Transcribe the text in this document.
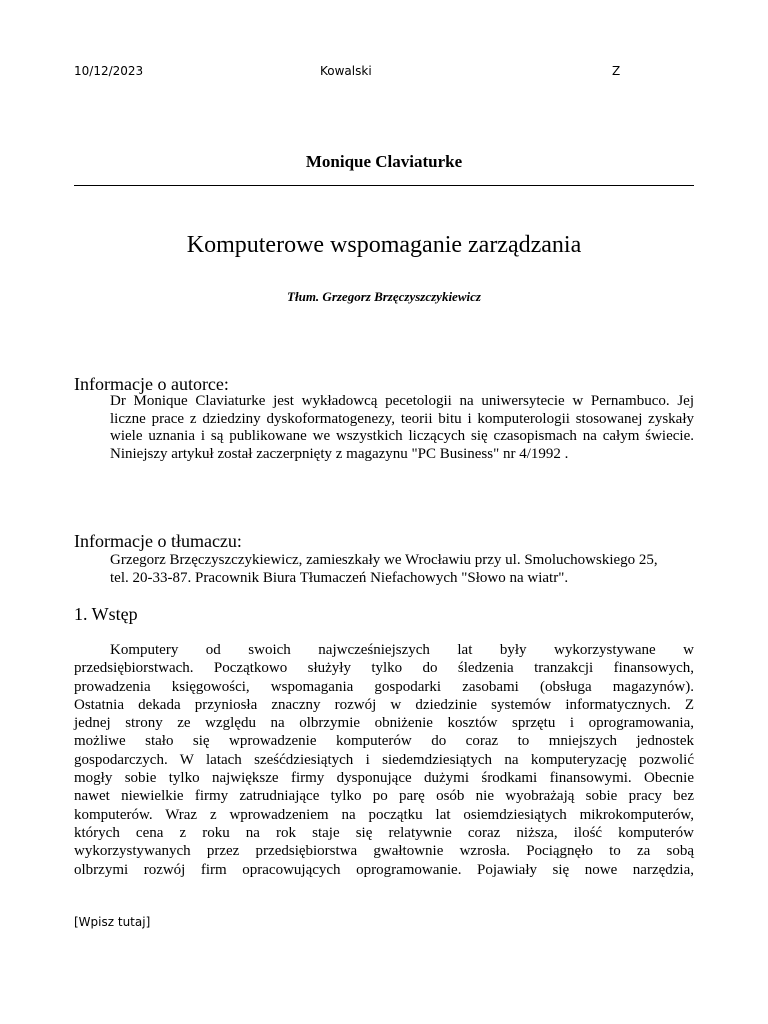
10/12/2023	Kowalski	Z
Monique Claviaturke
Komputerowe wspomaganie zarządzania
Tłum. Grzegorz Brzęczyszczykiewicz
Informacje o autorce:
Dr Monique Claviaturke jest wykładowcą pecetologii na uniwersytecie w Pernambuco. Jej
liczne prace z dziedziny dyskoformatogenezy, teorii bitu i komputerologii stosowanej zyskały
wiele uznania i są publikowane we wszystkich liczących się czasopismach na całym świecie.
Niniejszy artykuł został zaczerpnięty z magazynu "PC Business" nr 4/1992 .
Informacje o tłumaczu:
Grzegorz Brzęczyszczykiewicz, zamieszkały we Wrocławiu przy ul. Smoluchowskiego 25,
tel. 20-33-87. Pracownik Biura Tłumaczeń Niefachowych "Słowo na wiatr".
1. Wstęp
Komputery od swoich najwcześniejszych lat były wykorzystywane w
przedsiębiorstwach. Początkowo służyły tylko do śledzenia tranzakcji finansowych,
prowadzenia księgowości, wspomagania gospodarki zasobami (obsługa magazynów).
Ostatnia dekada przyniosła znaczny rozwój w dziedzinie systemów informatycznych. Z
jednej strony ze względu na olbrzymie obniżenie kosztów sprzętu i oprogramowania,
możliwe stało się wprowadzenie komputerów do coraz to mniejszych jednostek
gospodarczych. W latach sześćdziesiątych i siedemdziesiątych na komputeryzację pozwolić
mogły sobie tylko największe firmy dysponujące dużymi środkami finansowymi. Obecnie
nawet niewielkie firmy zatrudniające tylko po parę osób nie wyobrażają sobie pracy bez
komputerów. Wraz z wprowadzeniem na początku lat osiemdziesiątych mikrokomputerów,
których cena z roku na rok staje się relatywnie coraz niższa, ilość komputerów
wykorzystywanych przez przedsiębiorstwa gwałtownie wzrosła. Pociągnęło to za sobą
olbrzymi rozwój firm opracowujących oprogramowanie. Pojawiały się nowe narzędzia,
[Wpisz tutaj]
